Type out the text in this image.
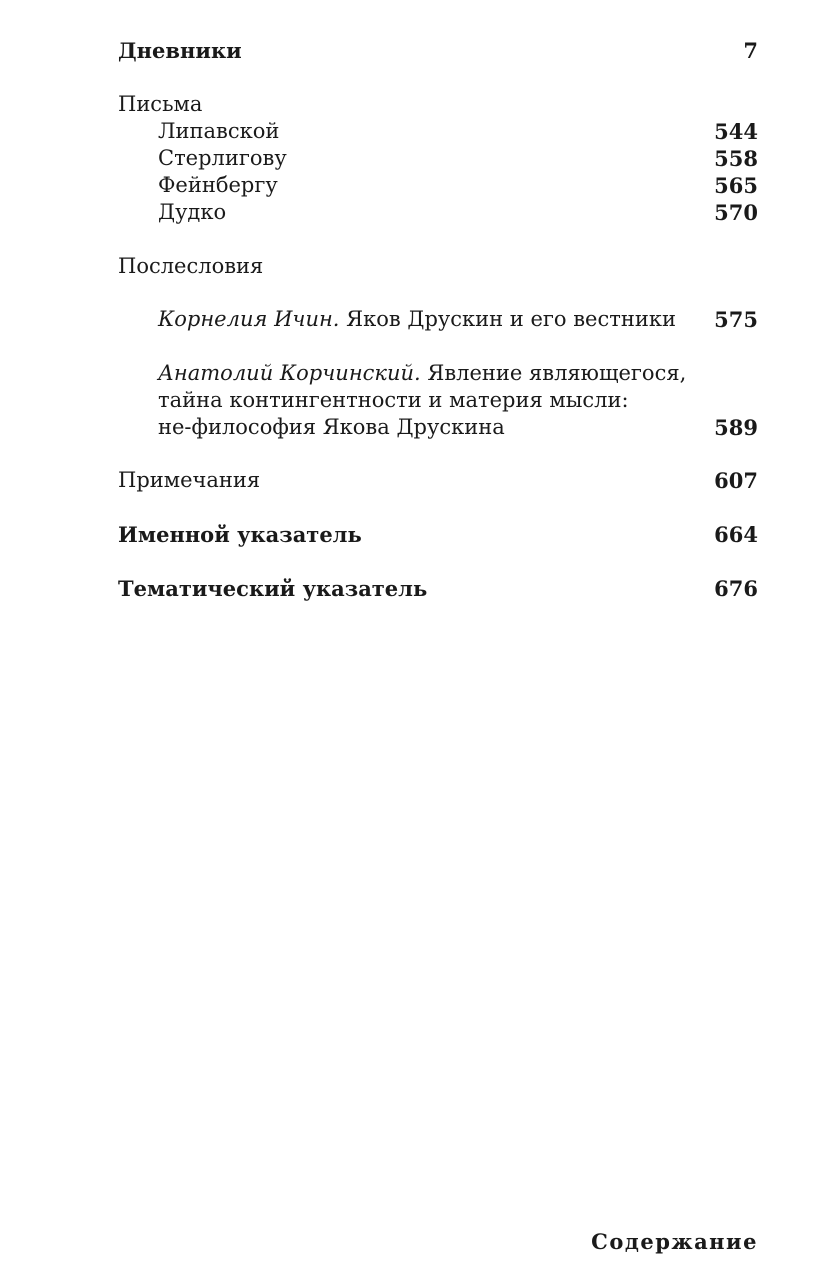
Дневники	7
Письма
Липавской	544
Стерлигову	558
Фейнбергу	565
Дудко	570
Послесловия
Корнелия Ичин. Яков Друскин и его вестники 575
Анатолий Корчинский. Явление являющегося,
тайна контингентности и материя мысли:
не-философия Якова Друскина	589
Примечания	607
Именной указатель	664
Тематический указатель	676
Содержание
